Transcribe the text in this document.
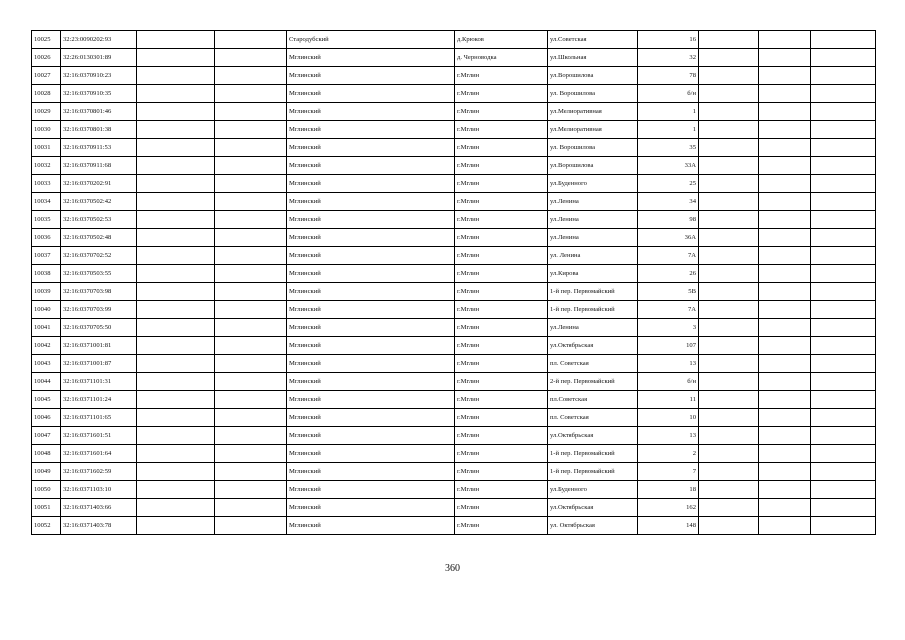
10025	32:23:0090202:93			Стародубский	д.Крюков	ул.Советская	16			
10026	32:26:0130301:89			Мглинский	д. Черноводка	ул.Школьная	32			
10027	32:16:0370910:23			Мглинский	г.Мглин	ул.Ворошилова	78			
10028	32:16:0370910:35			Мглинский	г.Мглин	ул. Ворошилова	б/н			
10029	32:16:0370801:46			Мглинский	г.Мглин	ул.Мелиоративная	1			
10030	32:16:0370801:38			Мглинский	г.Мглин	ул.Мелиоративная	1			
10031	32:16:0370911:53			Мглинский	г.Мглин	ул. Ворошилова	35			
10032	32:16:0370911:68			Мглинский	г.Мглин	ул.Ворошилова	33А			
10033	32:16:0370202:91			Мглинский	г.Мглин	ул.Буденного	25			
10034	32:16:0370502:42			Мглинский	г.Мглин	ул.Ленина	34			
10035	32:16:0370502:53			Мглинский	г.Мглин	ул.Ленина	98			
10036	32:16:0370502:48			Мглинский	г.Мглин	ул.Ленина	36А			
10037	32:16:0370702:52			Мглинский	г.Мглин	ул. Ленина	7А			
10038	32:16:0370503:55			Мглинский	г.Мглин	ул.Кирова	26			
10039	32:16:0370703:98			Мглинский	г.Мглин	1-й пер. Первомайский	5В			
10040	32:16:0370703:99			Мглинский	г.Мглин	1-й пер. Первомайский	7А			
10041	32:16:0370705:50			Мглинский	г.Мглин	ул.Ленина	3			
10042	32:16:0371001:81			Мглинский	г.Мглин	ул.Октябрьская	107			
10043	32:16:0371001:87			Мглинский	г.Мглин	пл. Советская	13			
10044	32:16:0371101:31			Мглинский	г.Мглин	2-й пер. Первомайский	б/н			
10045	32:16:0371101:24			Мглинский	г.Мглин	пл.Советская	11			
10046	32:16:0371101:65			Мглинский	г.Мглин	пл. Советская	10			
10047	32:16:0371601:51			Мглинский	г.Мглин	ул.Октябрьская	13			
10048	32:16:0371601:64			Мглинский	г.Мглин	1-й пер. Первомайский	2			
10049	32:16:0371602:59			Мглинский	г.Мглин	1-й пер. Первомайский	7			
10050	32:16:0371103:10			Мглинский	г.Мглин	ул.Буденного	18			
10051	32:16:0371403:66			Мглинский	г.Мглин	ул.Октябрьская	162			
10052	32:16:0371403:78			Мглинский	г.Мглин	ул. Октябрьская	148			
360
